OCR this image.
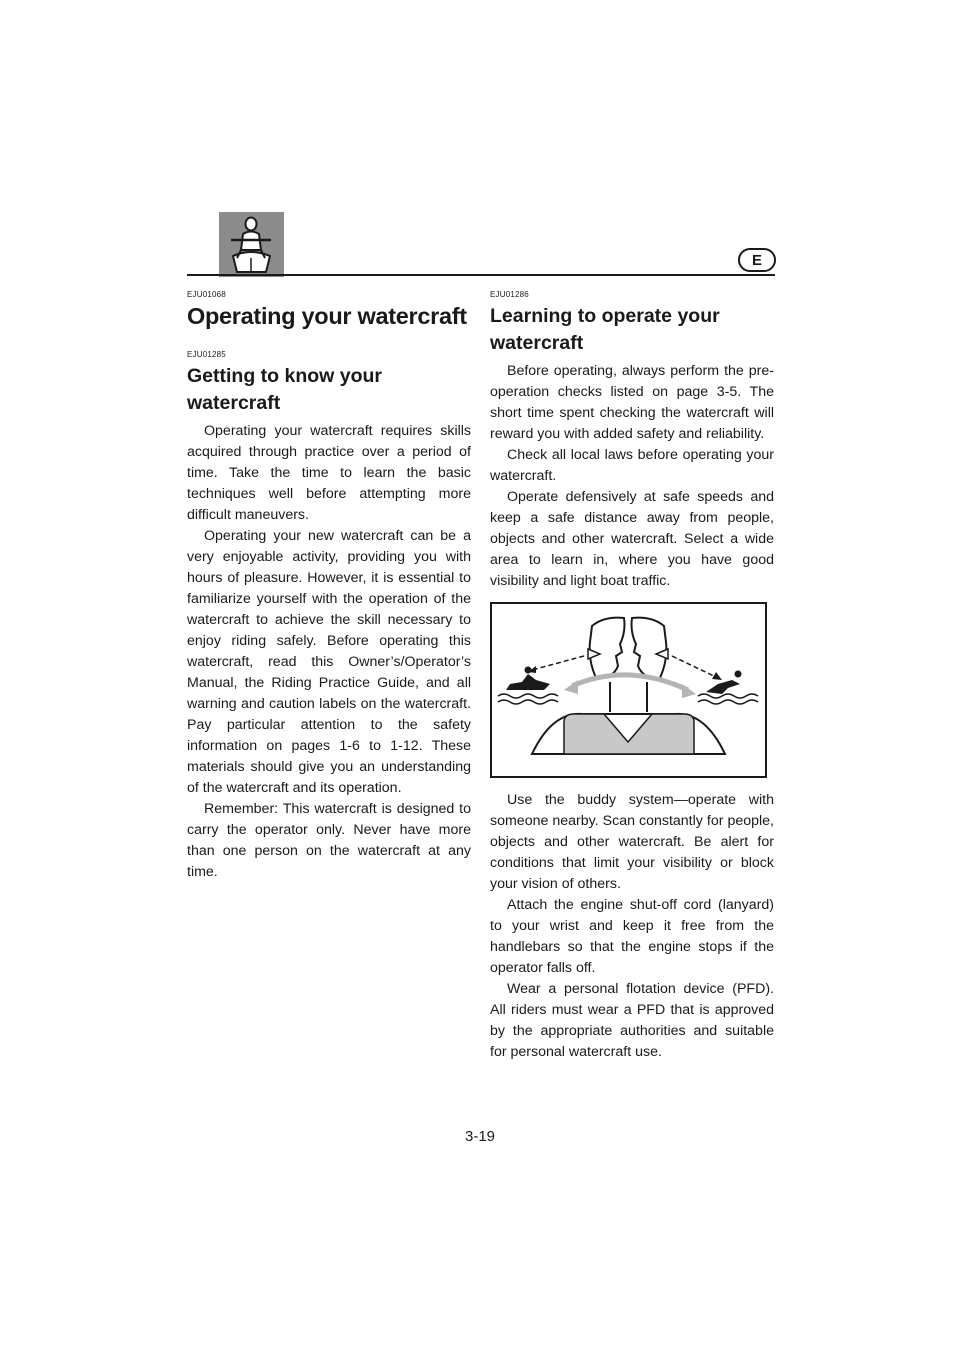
E

EJU01068

Operating your watercraft

EJU01285

Getting to know your watercraft

Operating your watercraft requires skills acquired through practice over a period of time. Take the time to learn the basic techniques well before attempting more difficult maneuvers.

Operating your new watercraft can be a very enjoyable activity, providing you with hours of pleasure. However, it is essential to familiarize yourself with the operation of the watercraft to achieve the skill necessary to enjoy riding safely. Before operating this watercraft, read this Owner’s/Operator’s Manual, the Riding Practice Guide, and all warning and caution labels on the watercraft. Pay particular attention to the safety information on pages 1-6 to 1-12. These materials should give you an understanding of the watercraft and its operation.

Remember: This watercraft is designed to carry the operator only. Never have more than one person on the watercraft at any time.

EJU01286

Learning to operate your watercraft

Before operating, always perform the pre-operation checks listed on page 3-5. The short time spent checking the watercraft will reward you with added safety and reliability.

Check all local laws before operating your watercraft.

Operate defensively at safe speeds and keep a safe distance away from people, objects and other watercraft. Select a wide area to learn in, where you have good visibility and light boat traffic.

Use the buddy system—operate with someone nearby. Scan constantly for people, objects and other watercraft. Be alert for conditions that limit your visibility or block your vision of others.

Attach the engine shut-off cord (lanyard) to your wrist and keep it free from the handlebars so that the engine stops if the operator falls off.

Wear a personal flotation device (PFD). All riders must wear a PFD that is approved by the appropriate authorities and suitable for personal watercraft use.

3-19
